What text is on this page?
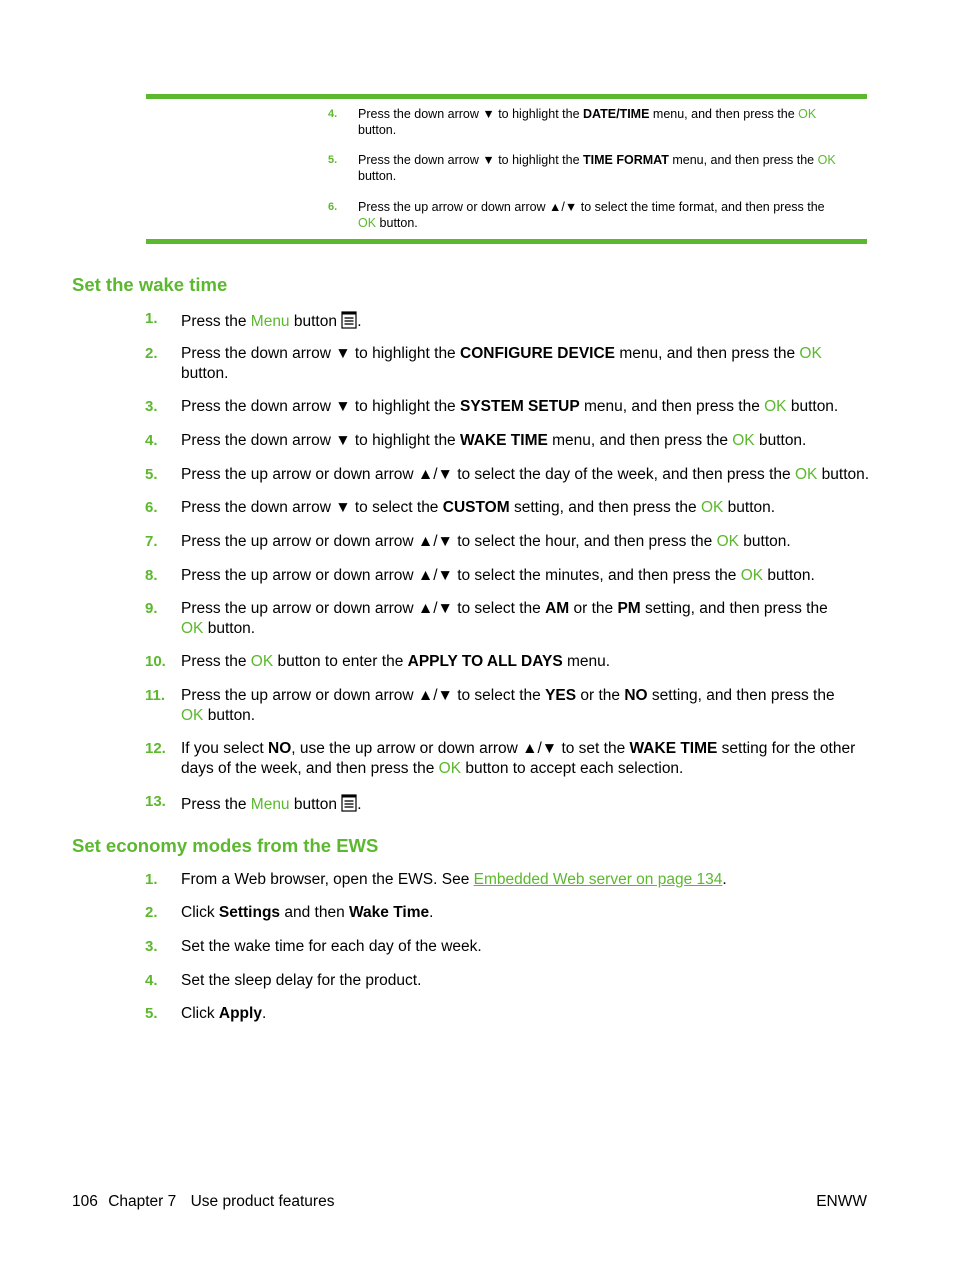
4. Press the down arrow ▼ to highlight the DATE/TIME menu, and then press the OK button.
5. Press the down arrow ▼ to highlight the TIME FORMAT menu, and then press the OK button.
6. Press the up arrow or down arrow ▲/▼ to select the time format, and then press the OK button.
Set the wake time
1. Press the Menu button .
2. Press the down arrow ▼ to highlight the CONFIGURE DEVICE menu, and then press the OK
button.
3. Press the down arrow ▼ to highlight the SYSTEM SETUP menu, and then press the OK button.
4. Press the down arrow ▼ to highlight the WAKE TIME menu, and then press the OK button.
5. Press the up arrow or down arrow ▲/▼ to select the day of the week, and then press the OK button.
6. Press the down arrow ▼ to select the CUSTOM setting, and then press the OK button.
7. Press the up arrow or down arrow ▲/▼ to select the hour, and then press the OK button.
8. Press the up arrow or down arrow ▲/▼ to select the minutes, and then press the OK button.
9. Press the up arrow or down arrow ▲/▼ to select the AM or the PM setting, and then press the
OK button.
10. Press the OK button to enter the APPLY TO ALL DAYS menu.
11. Press the up arrow or down arrow ▲/▼ to select the YES or the NO setting, and then press the
OK button.
12. If you select NO, use the up arrow or down arrow ▲/▼ to set the WAKE TIME setting for the other days of the week, and then press the OK button to accept each selection.
13. Press the Menu button .
Set economy modes from the EWS
1. From a Web browser, open the EWS. See Embedded Web server on page 134.
2. Click Settings and then Wake Time.
3. Set the wake time for each day of the week.
4. Set the sleep delay for the product.
5. Click Apply.
106 Chapter 7 Use product features	ENWW
